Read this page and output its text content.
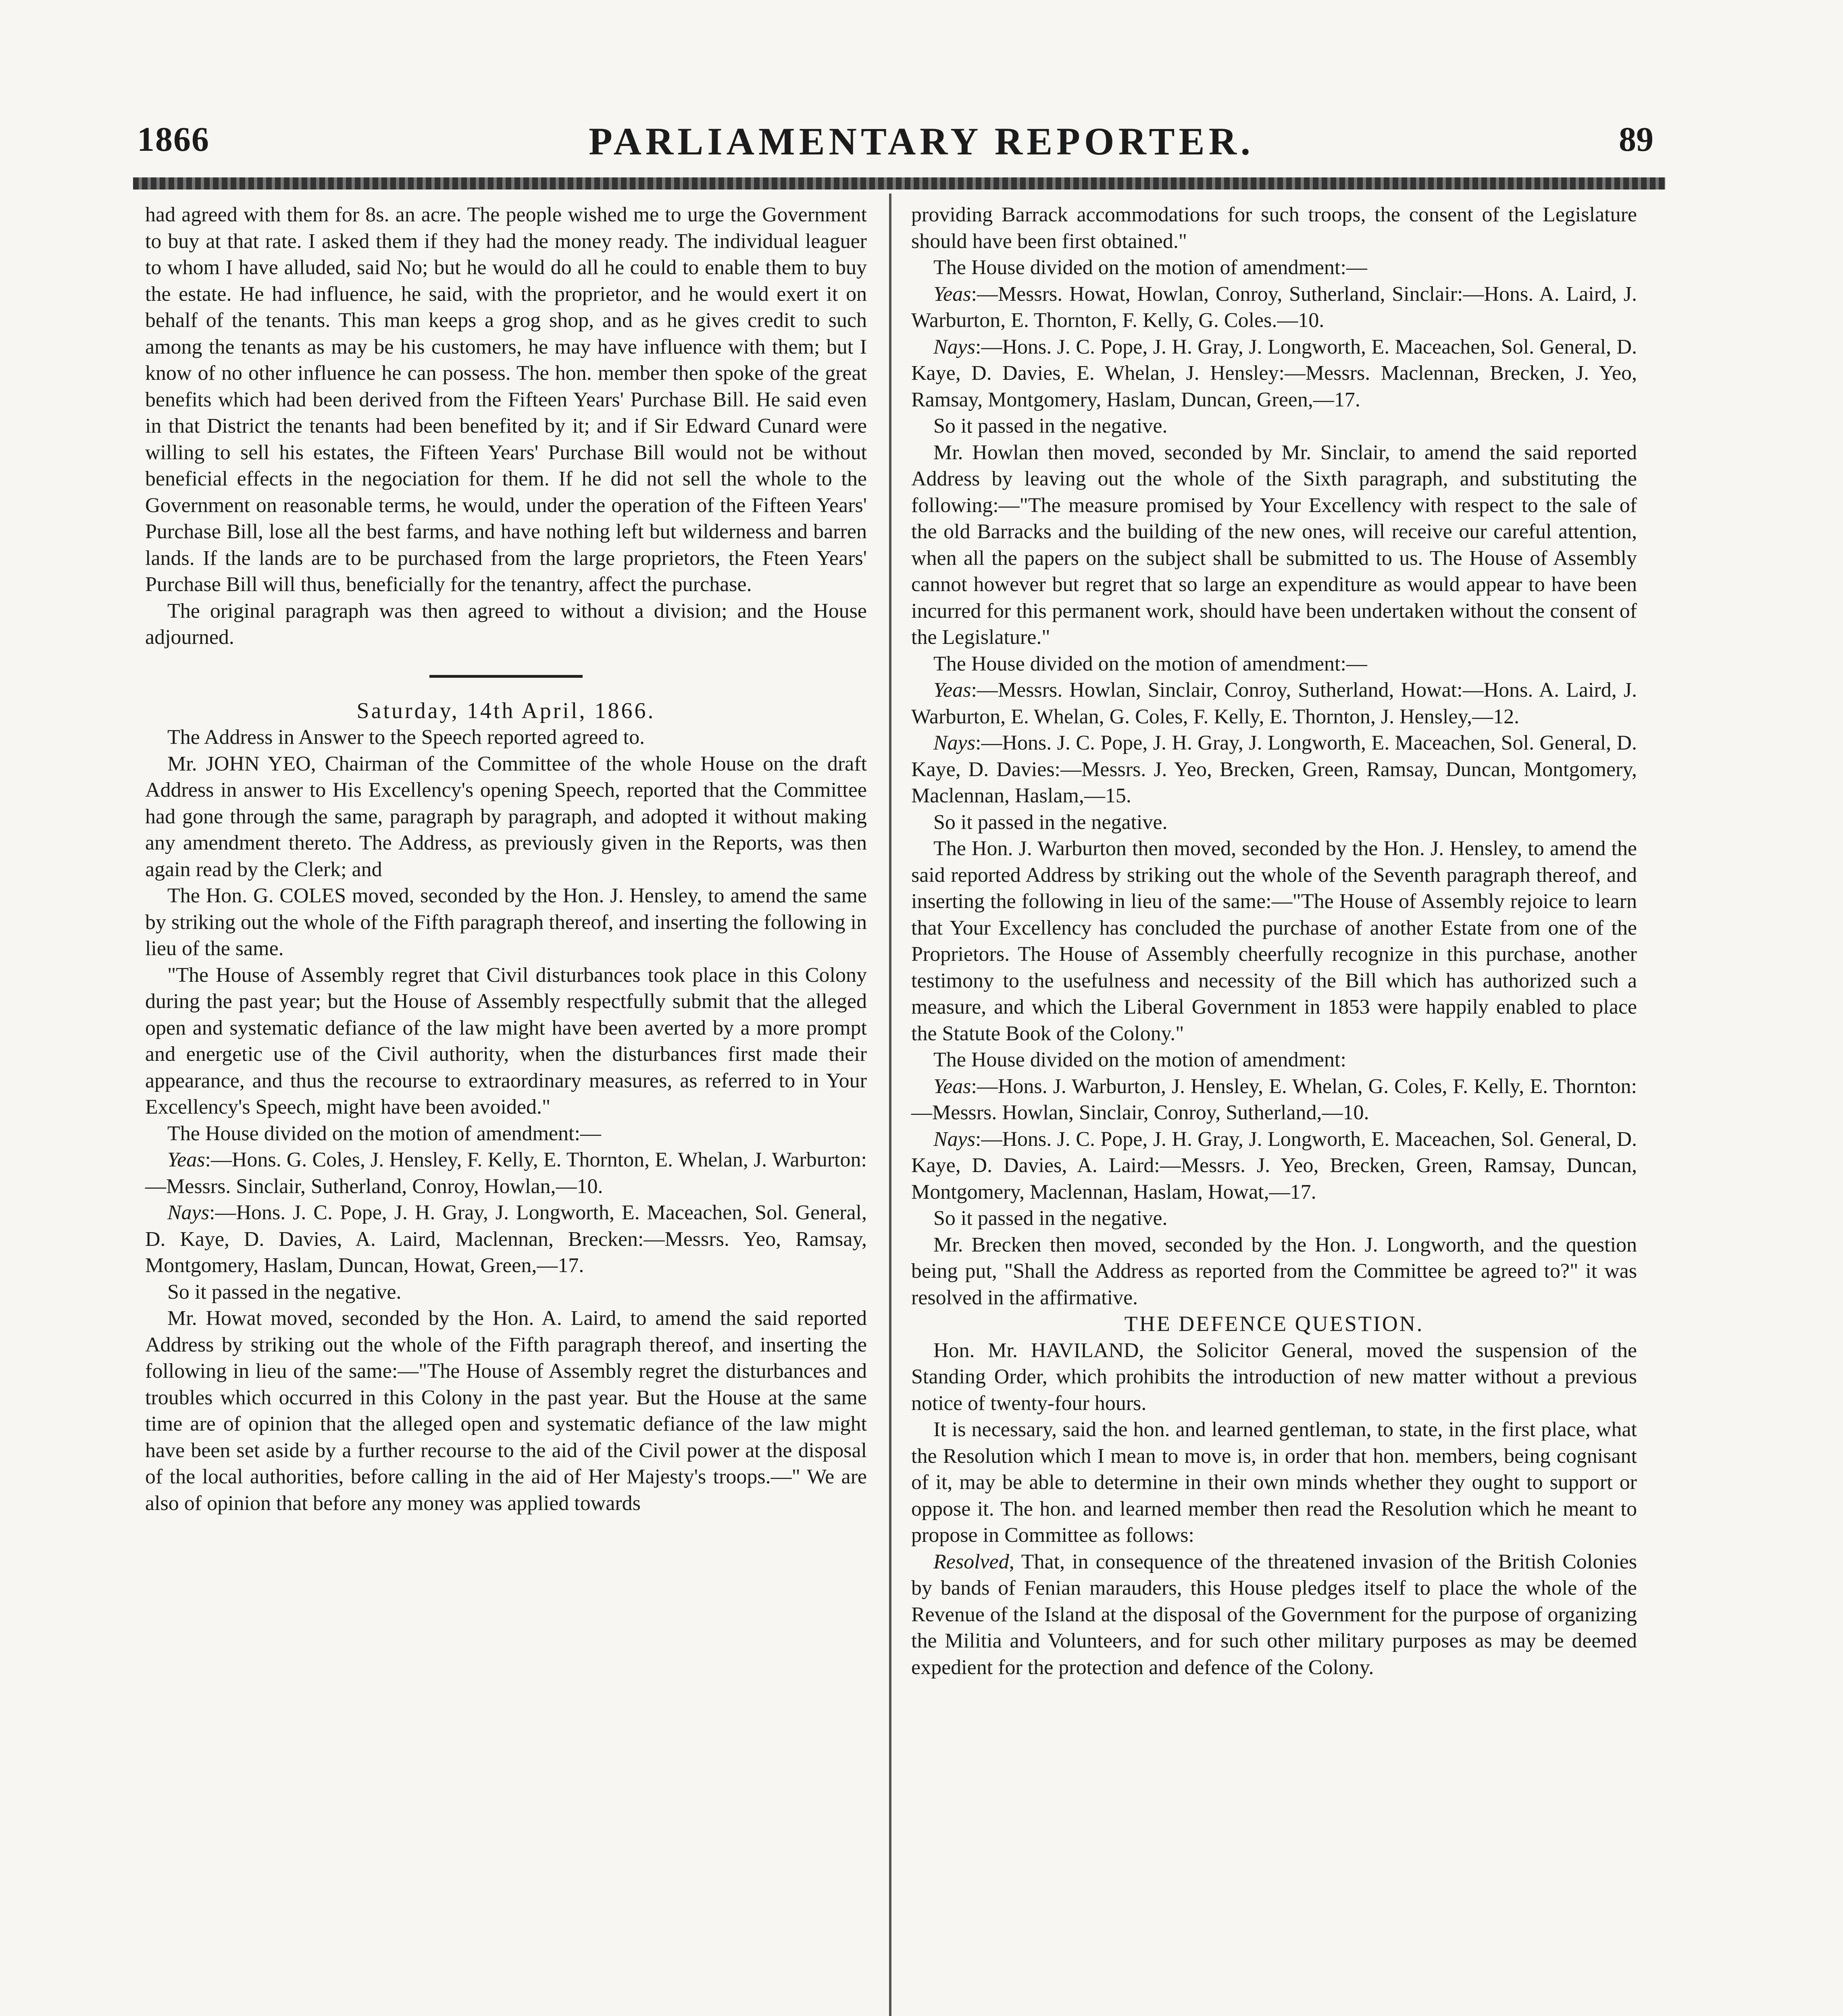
1866	PARLIAMENTARY REPORTER.	89

had agreed with them for 8s. an acre. The people wished me to urge the Government to buy at that rate. I asked them if they had the money ready. The individual leaguer to whom I have alluded, said No; but he would do all he could to enable them to buy the estate. He had influence, he said, with the proprietor, and he would exert it on behalf of the tenants. This man keeps a grog shop, and as he gives credit to such among the tenants as may be his customers, he may have influence with them; but I know of no other influence he can possess. The hon. member then spoke of the great benefits which had been derived from the Fifteen Years' Purchase Bill. He said even in that District the tenants had been benefited by it; and if Sir Edward Cunard were willing to sell his estates, the Fifteen Years' Purchase Bill would not be without beneficial effects in the negociation for them. If he did not sell the whole to the Government on reasonable terms, he would, under the operation of the Fifteen Years' Purchase Bill, lose all the best farms, and have nothing left but wilderness and barren lands. If the lands are to be purchased from the large proprietors, the Fteen Years' Purchase Bill will thus, beneficially for the tenantry, affect the purchase.

The original paragraph was then agreed to without a division; and the House adjourned.

Saturday, 14th April, 1866.

The Address in Answer to the Speech reported agreed to.

Mr. JOHN YEO, Chairman of the Committee of the whole House on the draft Address in answer to His Excellency's opening Speech, reported that the Committee had gone through the same, paragraph by paragraph, and adopted it without making any amendment thereto. The Address, as previously given in the Reports, was then again read by the Clerk; and

The Hon. G. COLES moved, seconded by the Hon. J. Hensley, to amend the same by striking out the whole of the Fifth paragraph thereof, and inserting the following in lieu of the same.

"The House of Assembly regret that Civil disturbances took place in this Colony during the past year; but the House of Assembly respectfully submit that the alleged open and systematic defiance of the law might have been averted by a more prompt and energetic use of the Civil authority, when the disturbances first made their appearance, and thus the recourse to extraordinary measures, as referred to in Your Excellency's Speech, might have been avoided."

The House divided on the motion of amendment:—

Yeas:—Hons. G. Coles, J. Hensley, F. Kelly, E. Thornton, E. Whelan, J. Warburton:—Messrs. Sinclair, Sutherland, Conroy, Howlan,—10.

Nays:—Hons. J. C. Pope, J. H. Gray, J. Longworth, E. Maceachen, Sol. General, D. Kaye, D. Davies, A. Laird, Maclennan, Brecken:—Messrs. Yeo, Ramsay, Montgomery, Haslam, Duncan, Howat, Green,—17.

So it passed in the negative.

Mr. Howat moved, seconded by the Hon. A. Laird, to amend the said reported Address by striking out the whole of the Fifth paragraph thereof, and inserting the following in lieu of the same:—"The House of Assembly regret the disturbances and troubles which occurred in this Colony in the past year. But the House at the same time are of opinion that the alleged open and systematic defiance of the law might have been set aside by a further recourse to the aid of the Civil power at the disposal of the local authorities, before calling in the aid of Her Majesty's troops.—" We are also of opinion that before any money was applied towards

providing Barrack accommodations for such troops, the consent of the Legislature should have been first obtained."

The House divided on the motion of amendment:—

Yeas:—Messrs. Howat, Howlan, Conroy, Sutherland, Sinclair:—Hons. A. Laird, J. Warburton, E. Thornton, F. Kelly, G. Coles.—10.

Nays:—Hons. J. C. Pope, J. H. Gray, J. Longworth, E. Maceachen, Sol. General, D. Kaye, D. Davies, E. Whelan, J. Hensley:—Messrs. Maclennan, Brecken, J. Yeo, Ramsay, Montgomery, Haslam, Duncan, Green,—17.

So it passed in the negative.

Mr. Howlan then moved, seconded by Mr. Sinclair, to amend the said reported Address by leaving out the whole of the Sixth paragraph, and substituting the following:—"The measure promised by Your Excellency with respect to the sale of the old Barracks and the building of the new ones, will receive our careful attention, when all the papers on the subject shall be submitted to us. The House of Assembly cannot however but regret that so large an expenditure as would appear to have been incurred for this permanent work, should have been undertaken without the consent of the Legislature."

The House divided on the motion of amendment:—

Yeas:—Messrs. Howlan, Sinclair, Conroy, Sutherland, Howat:—Hons. A. Laird, J. Warburton, E. Whelan, G. Coles, F. Kelly, E. Thornton, J. Hensley,—12.

Nays:—Hons. J. C. Pope, J. H. Gray, J. Longworth, E. Maceachen, Sol. General, D. Kaye, D. Davies:—Messrs. J. Yeo, Brecken, Green, Ramsay, Duncan, Montgomery, Maclennan, Haslam,—15.

So it passed in the negative.

The Hon. J. Warburton then moved, seconded by the Hon. J. Hensley, to amend the said reported Address by striking out the whole of the Seventh paragraph thereof, and inserting the following in lieu of the same:—"The House of Assembly rejoice to learn that Your Excellency has concluded the purchase of another Estate from one of the Proprietors. The House of Assembly cheerfully recognize in this purchase, another testimony to the usefulness and necessity of the Bill which has authorized such a measure, and which the Liberal Government in 1853 were happily enabled to place the Statute Book of the Colony."

The House divided on the motion of amendment:

Yeas:—Hons. J. Warburton, J. Hensley, E. Whelan, G. Coles, F. Kelly, E. Thornton:—Messrs. Howlan, Sinclair, Conroy, Sutherland,—10.

Nays:—Hons. J. C. Pope, J. H. Gray, J. Longworth, E. Maceachen, Sol. General, D. Kaye, D. Davies, A. Laird:—Messrs. J. Yeo, Brecken, Green, Ramsay, Duncan, Montgomery, Maclennan, Haslam, Howat,—17.

So it passed in the negative.

Mr. Brecken then moved, seconded by the Hon. J. Longworth, and the question being put, "Shall the Address as reported from the Committee be agreed to?" it was resolved in the affirmative.

THE DEFENCE QUESTION.

Hon. Mr. HAVILAND, the Solicitor General, moved the suspension of the Standing Order, which prohibits the introduction of new matter without a previous notice of twenty-four hours.

It is necessary, said the hon. and learned gentleman, to state, in the first place, what the Resolution which I mean to move is, in order that hon. members, being cognisant of it, may be able to determine in their own minds whether they ought to support or oppose it. The hon. and learned member then read the Resolution which he meant to propose in Committee as follows:

Resolved, That, in consequence of the threatened invasion of the British Colonies by bands of Fenian marauders, this House pledges itself to place the whole of the Revenue of the Island at the disposal of the Government for the purpose of organizing the Militia and Volunteers, and for such other military purposes as may be deemed expedient for the protection and defence of the Colony.
